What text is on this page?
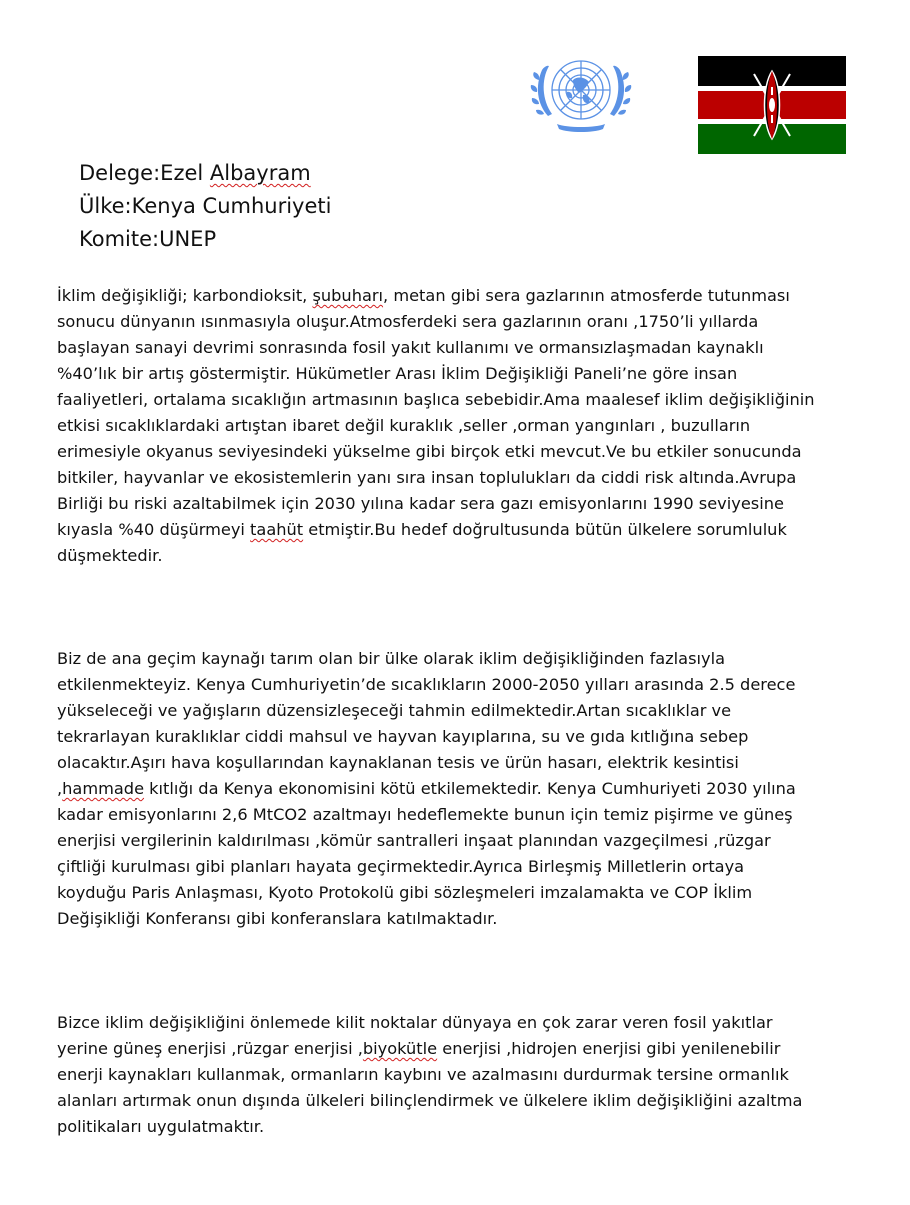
Delege:Ezel Albayram
Ülke:Kenya Cumhuriyeti
Komite:UNEP

İklim değişikliği; karbondioksit, şubuharı, metan gibi sera gazlarının atmosferde tutunması sonucu dünyanın ısınmasıyla oluşur.Atmosferdeki sera gazlarının oranı ,1750’li yıllarda başlayan sanayi devrimi sonrasında fosil yakıt kullanımı ve ormansızlaşmadan kaynaklı %40’lık bir artış göstermiştir. Hükümetler Arası İklim Değişikliği Paneli’ne göre insan faaliyetleri, ortalama sıcaklığın artmasının başlıca sebebidir.Ama maalesef iklim değişikliğinin etkisi sıcaklıklardaki artıştan ibaret değil kuraklık ,seller ,orman yangınları , buzulların erimesiyle okyanus seviyesindeki yükselme gibi birçok etki mevcut.Ve bu etkiler sonucunda bitkiler, hayvanlar ve ekosistemlerin yanı sıra insan toplulukları da ciddi risk altında.Avrupa Birliği bu riski azaltabilmek için 2030 yılına kadar sera gazı emisyonlarını 1990 seviyesine kıyasla %40 düşürmeyi taahüt etmiştir.Bu hedef doğrultusunda bütün ülkelere sorumluluk düşmektedir.

Biz de ana geçim kaynağı tarım olan bir ülke olarak iklim değişikliğinden fazlasıyla etkilenmekteyiz. Kenya Cumhuriyetin’de sıcaklıkların 2000-2050 yılları arasında 2.5 derece yükseleceği ve yağışların düzensizleşeceği tahmin edilmektedir.Artan sıcaklıklar ve tekrarlayan kuraklıklar ciddi mahsul ve hayvan kayıplarına, su ve gıda kıtlığına sebep olacaktır.Aşırı hava koşullarından kaynaklanan tesis ve ürün hasarı, elektrik kesintisi ,hammade kıtlığı da Kenya ekonomisini kötü etkilemektedir. Kenya Cumhuriyeti 2030 yılına kadar emisyonlarını 2,6 MtCO2 azaltmayı hedeflemekte bunun için temiz pişirme ve güneş enerjisi vergilerinin kaldırılması ,kömür santralleri inşaat planından vazgeçilmesi ,rüzgar çiftliği kurulması gibi planları hayata geçirmektedir.Ayrıca Birleşmiş Milletlerin ortaya koyduğu Paris Anlaşması, Kyoto Protokolü gibi sözleşmeleri imzalamakta ve COP İklim Değişikliği Konferansı gibi konferanslara katılmaktadır.

Bizce iklim değişikliğini önlemede kilit noktalar dünyaya en çok zarar veren fosil yakıtlar yerine güneş enerjisi ,rüzgar enerjisi ,biyokütle enerjisi ,hidrojen enerjisi gibi yenilenebilir enerji kaynakları kullanmak, ormanların kaybını ve azalmasını durdurmak tersine ormanlık alanları artırmak onun dışında ülkeleri bilinçlendirmek ve ülkelere iklim değişikliğini azaltma politikaları uygulatmaktır.
